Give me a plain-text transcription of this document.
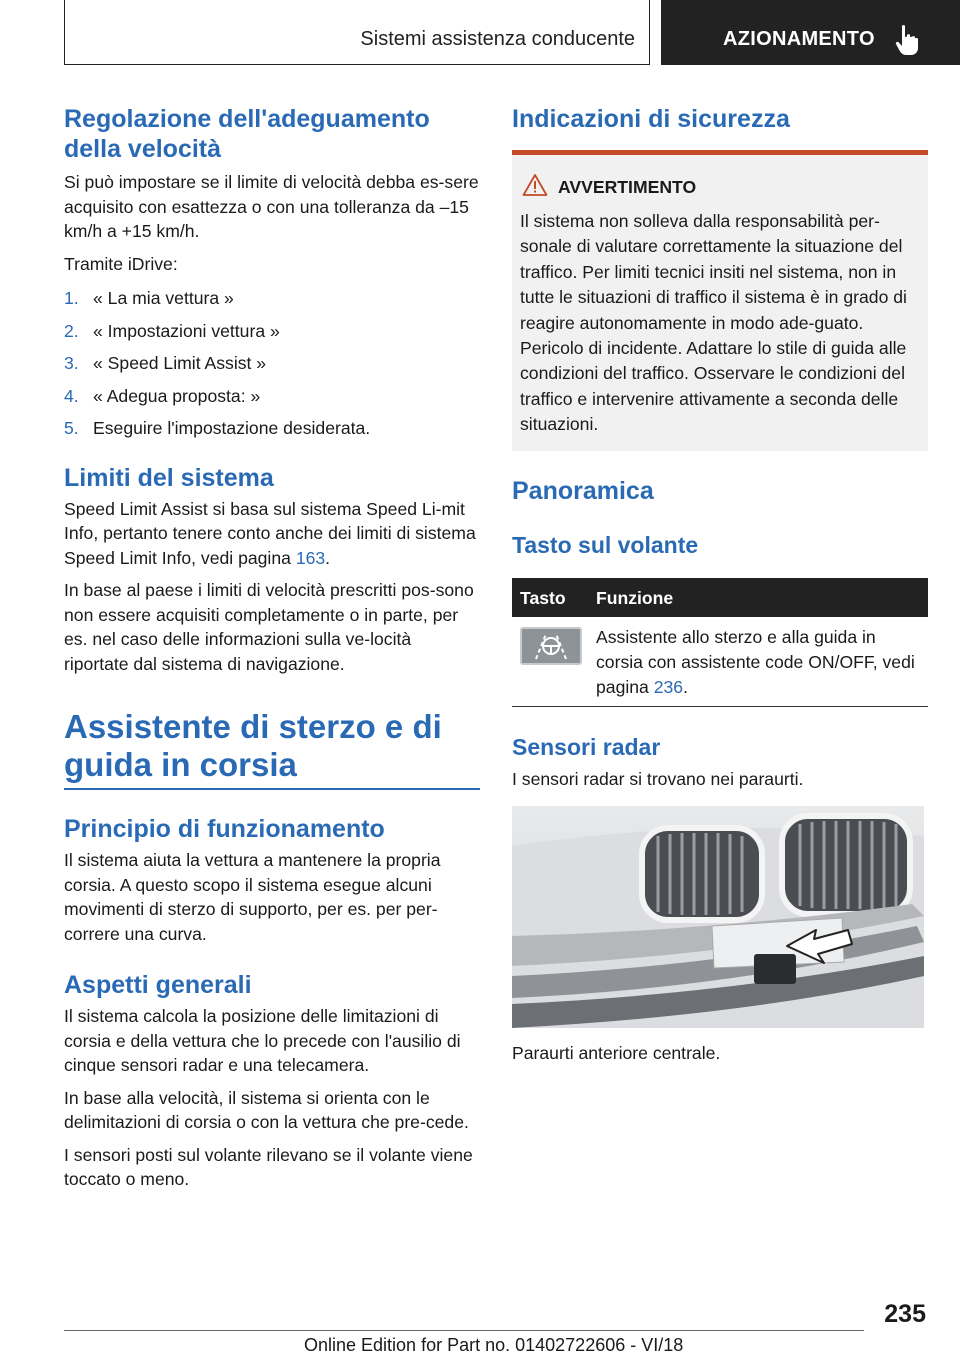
Sistemi assistenza conducente	AZIONAMENTO
Regolazione dell'adeguamento
della velocità

Si può impostare se il limite di velocità debba es-sere acquisito con esattezza o con una tolleranza da –15 km/h a +15 km/h.

Tramite iDrive:

1. « La mia vettura »
2. « Impostazioni vettura »
3. « Speed Limit Assist »
4. « Adegua proposta: »
5. Eseguire l'impostazione desiderata.
Limiti del sistema

Speed Limit Assist si basa sul sistema Speed Li-mit Info, pertanto tenere conto anche dei limiti di sistema Speed Limit Info, vedi pagina 163.

In base al paese i limiti di velocità prescritti pos-sono non essere acquisiti completamente o in parte, per es. nel caso delle informazioni sulla ve-locità riportate dal sistema di navigazione.

Assistente di sterzo e di
guida in corsia
Principio di funzionamento

Il sistema aiuta la vettura a mantenere la propria corsia. A questo scopo il sistema esegue alcuni movimenti di sterzo di supporto, per es. per per-correre una curva.

Aspetti generali

Il sistema calcola la posizione delle limitazioni di corsia e della vettura che lo precede con l'ausilio di cinque sensori radar e una telecamera.

In base alla velocità, il sistema si orienta con le delimitazioni di corsia o con la vettura che pre-cede.

I sensori posti sul volante rilevano se il volante viene toccato o meno.

Indicazioni di sicurezza
AVVERTIMENTO

Il sistema non solleva dalla responsabilità per-sonale di valutare correttamente la situazione del traffico. Per limiti tecnici insiti nel sistema, non in tutte le situazioni di traffico il sistema è in grado di reagire autonomamente in modo ade-guato. Pericolo di incidente. Adattare lo stile di guida alle condizioni del traffico. Osservare le condizioni del traffico e intervenire attivamente a seconda delle situazioni.

Panoramica
Tasto sul volante
Tasto Funzione

Assistente allo sterzo e alla guida in corsia con assistente code ON/OFF, vedi pagina 236.

Sensori radar

I sensori radar si trovano nei paraurti.

Paraurti anteriore centrale.

235
Online Edition for Part no. 01402722606 - VI/18
